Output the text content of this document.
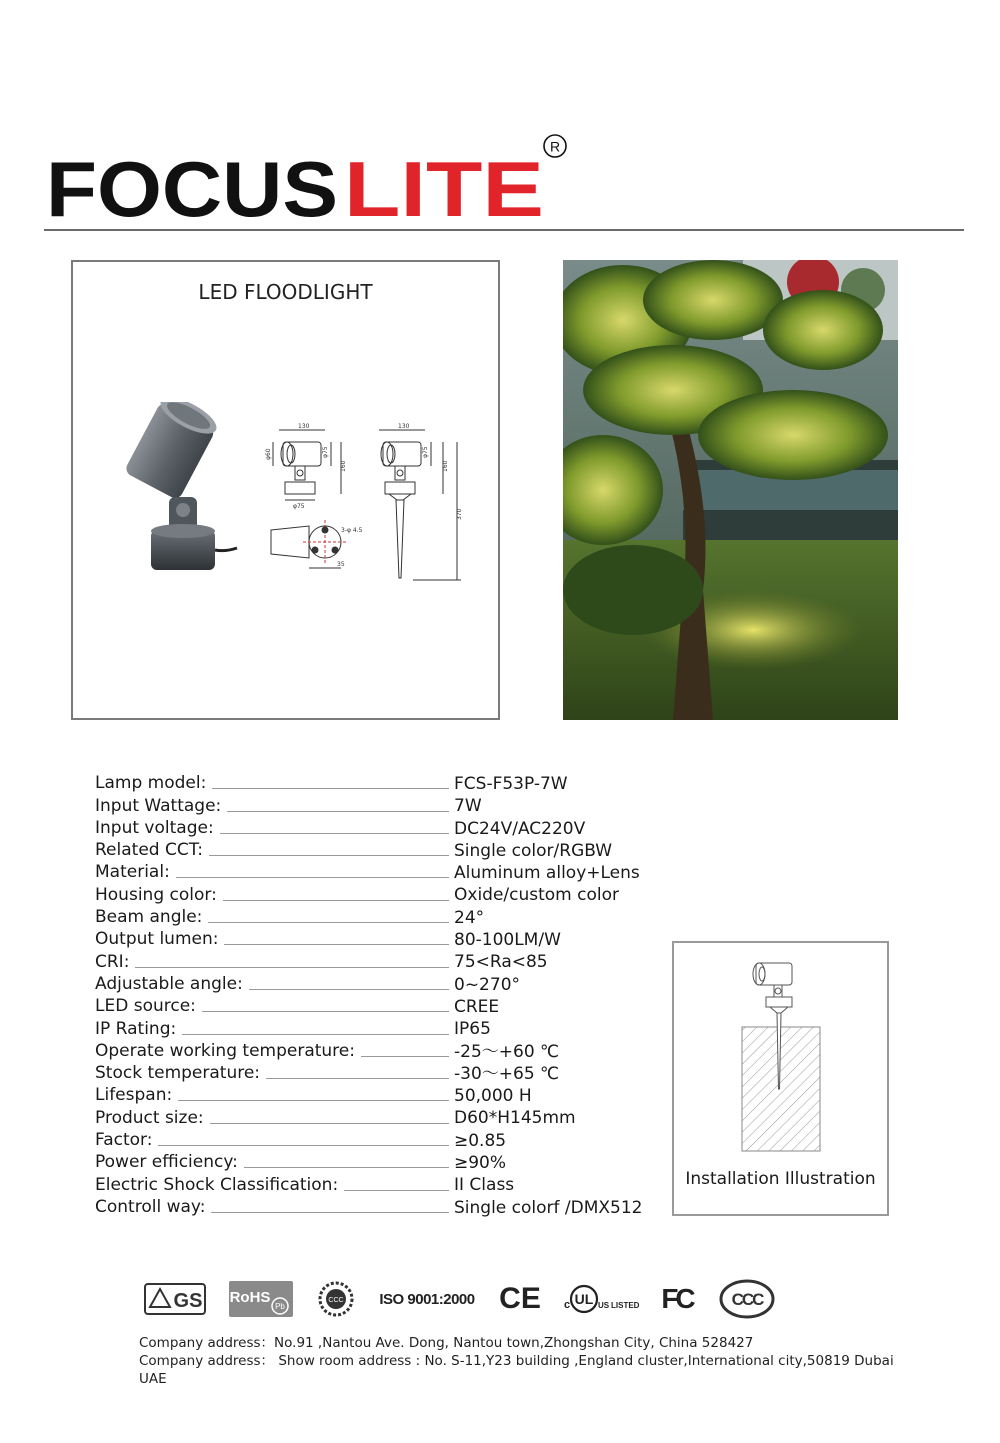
FOCUS LITE R
LED FLOODLIGHT
130
φ75
160
φ60
φ75
3-φ 4.5
35
130
φ75
160
370
Lamp model:	FCS-F53P-7W
Input Wattage:	7W
Input voltage:	DC24V/AC220V
Related CCT:	Single color/RGBW
Material:	Aluminum alloy+Lens
Housing color:	Oxide/custom color
Beam angle:	24°
Output lumen:	80-100LM/W
CRI:	75<Ra<85
Adjustable angle:	0~270°
LED source:	CREE
IP Rating:	IP65
Operate working temperature:	-25～+60 ℃
Stock temperature:	-30～+65 ℃
Lifespan:	50,000 H
Product size:	D60*H145mm
Factor:	≥0.85
Power efficiency:	≥90%
Electric Shock Classification:	II Class
Controll way:	Single colorf /DMX512
Installation Illustration
GS RoHS
Pb
CCC ISO 9001:2000 CE c UL US LISTED FC CCC
Company address：No.91 ,Nantou Ave. Dong, Nantou town,Zhongshan City, China 528427
Company address： Show room address : No. S-11,Y23 building ,England cluster,International city,50819 Dubai
UAE
